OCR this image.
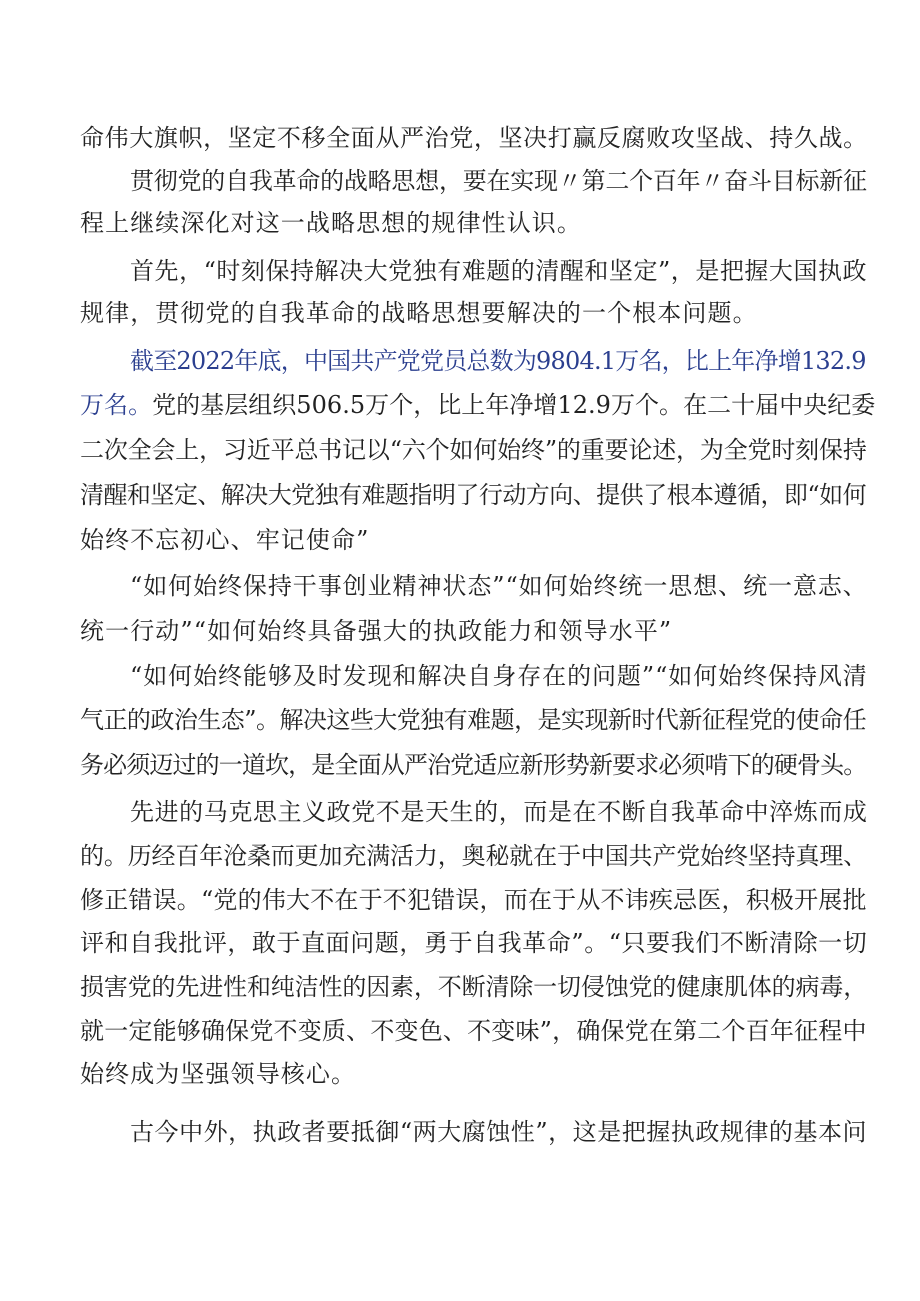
命伟大旗帜，坚定不移全面从严治党，坚决打赢反腐败攻坚战、持久战。
贯彻党的自我革命的战略思想，要在实现〃第二个百年〃奋斗目标新征
程上继续深化对这一战略思想的规律性认识。
首先，“时刻保持解决大党独有难题的清醒和坚定”，是把握大国执政
规律，贯彻党的自我革命的战略思想要解决的一个根本问题。
截至2022年底，中国共产党党员总数为9804.1万名，比上年净增132.9
万名。党的基层组织506.5万个，比上年净增12.9万个。在二十届中央纪委
二次全会上，习近平总书记以“六个如何始终”的重要论述，为全党时刻保持
清醒和坚定、解决大党独有难题指明了行动方向、提供了根本遵循，即“如何
始终不忘初心、牢记使命”
“如何始终保持干事创业精神状态”“如何始终统一思想、统一意志、
统一行动”“如何始终具备强大的执政能力和领导水平”
“如何始终能够及时发现和解决自身存在的问题”“如何始终保持风清
气正的政治生态”。解决这些大党独有难题，是实现新时代新征程党的使命任
务必须迈过的一道坎，是全面从严治党适应新形势新要求必须啃下的硬骨头。
先进的马克思主义政党不是天生的，而是在不断自我革命中淬炼而成
的。历经百年沧桑而更加充满活力，奥秘就在于中国共产党始终坚持真理、
修正错误。“党的伟大不在于不犯错误，而在于从不讳疾忌医，积极开展批
评和自我批评，敢于直面问题，勇于自我革命”。“只要我们不断清除一切
损害党的先进性和纯洁性的因素，不断清除一切侵蚀党的健康肌体的病毒，
就一定能够确保党不变质、不变色、不变味”，确保党在第二个百年征程中
始终成为坚强领导核心。
古今中外，执政者要抵御“两大腐蚀性”，这是把握执政规律的基本问
